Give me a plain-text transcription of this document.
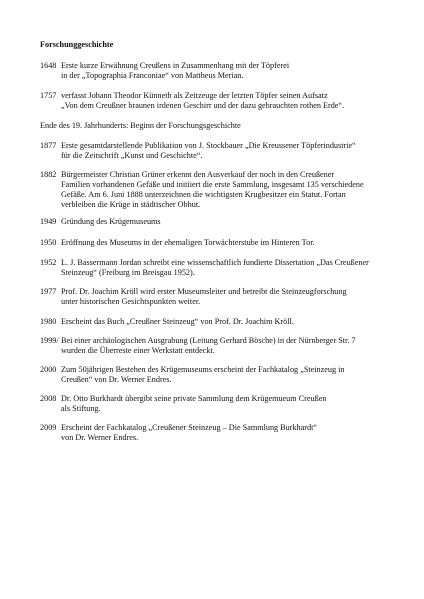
Forschunggeschichte
1648 Erste kurze Erwähnung Creußens in Zusammenhang mit der Töpferei
in der „Topographia Franconiae“ von Mattheus Merian.
1757 verfasst Johann Theodor Künneth als Zeitzeuge der letzten Töpfer seinen Aufsatz
„Von dem Creußner braunen irdenen Geschirr und der dazu gebrauchten rothen Erde“.
Ende des 19. Jahrhunderts: Beginn der Forschungsgeschichte
1877 Erste gesamtdarstellende Publikation von J. Stockbauer „Die Kreussener Töpferindustrie“
für die Zeitschrift „Kunst und Geschichte“.
1882 Bürgermeister Christian Grüner erkennt den Ausverkauf der noch in den Creußener
Familien vorhandenen Gefäße und initiiert die erste Sammlung, insgesamt 135 verschiedene
Gefäße. Am 6. Juni 1888 unterzeichnen die wichtigsten Krugbesitzer ein Statut. Fortan
verbleiben die Krüge in städtischer Obhut.
1949 Gründung des Krügemuseums
1950 Eröffnung des Museums in der ehemaligen Torwächterstube im Hinteren Tor.
1952 L. J. Bassermann Jordan schreibt eine wissenschaftlich fundierte Dissertation „Das Creußener
Steinzeug“ (Freiburg im Breisgau 1952).
1977 Prof. Dr. Joachim Kröll wird erster Museumsleiter und betreibt die Steinzeugforschung
unter historischen Gesichtspunkten weiter.
1980 Erscheint das Buch „Creußner Steinzeug“ von Prof. Dr. Joachim Kröll.
1999/ Bei einer archäologischen Ausgrabung (Leitung Gerhard Bösche) in der Nürnberger Str. 7
wurden die Überreste einer Werkstatt entdeckt.
2000 Zum 50jährigen Bestehen des Krügemuseums erscheint der Fachkatalog „Steinzeug in
Creußen“ von Dr. Werner Endres.
2008 Dr. Otto Burkhardt übergibt seine private Sammlung dem Krügemueum Creußen
als Stiftung.
2009 Erscheint der Fachkatalog „Creußener Steinzeug – Die Sammlung Burkhardt“
von Dr. Werner Endres.
